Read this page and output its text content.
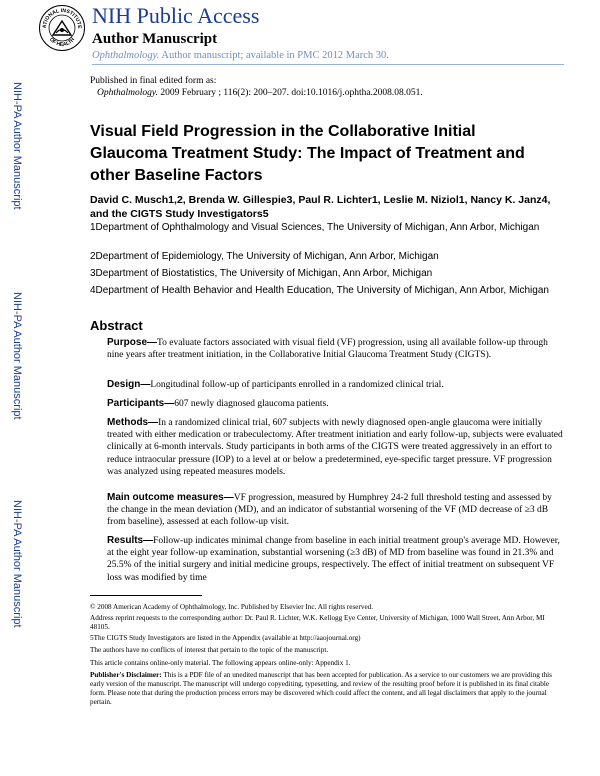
ATIONAL INSTITUTE
OF HEALTH
NIH Public Access
Author Manuscript
Ophthalmology. Author manuscript; available in PMC 2012 March 30.
NIH-PA Author Manuscript
NIH-PA Author Manuscript
NIH-PA Author Manuscript
Published in final edited form as:
Ophthalmology. 2009 February ; 116(2): 200–207. doi:10.1016/j.ophtha.2008.08.051.
Visual Field Progression in the Collaborative Initial Glaucoma Treatment Study: The Impact of Treatment and other Baseline Factors
David C. Musch1,2, Brenda W. Gillespie3, Paul R. Lichter1, Leslie M. Niziol1, Nancy K. Janz4, and the CIGTS Study Investigators5
1Department of Ophthalmology and Visual Sciences, The University of Michigan, Ann Arbor, Michigan
2Department of Epidemiology, The University of Michigan, Ann Arbor, Michigan
3Department of Biostatistics, The University of Michigan, Ann Arbor, Michigan
4Department of Health Behavior and Health Education, The University of Michigan, Ann Arbor, Michigan
Abstract
Purpose—To evaluate factors associated with visual field (VF) progression, using all available follow-up through nine years after treatment initiation, in the Collaborative Initial Glaucoma Treatment Study (CIGTS).
Design—Longitudinal follow-up of participants enrolled in a randomized clinical trial.
Participants—607 newly diagnosed glaucoma patients.
Methods—In a randomized clinical trial, 607 subjects with newly diagnosed open-angle glaucoma were initially treated with either medication or trabeculectomy. After treatment initiation and early follow-up, subjects were evaluated clinically at 6-month intervals. Study participants in both arms of the CIGTS were treated aggressively in an effort to reduce intraocular pressure (IOP) to a level at or below a predetermined, eye-specific target pressure. VF progression was analyzed using repeated measures models.
Main outcome measures—VF progression, measured by Humphrey 24-2 full threshold testing and assessed by the change in the mean deviation (MD), and an indicator of substantial worsening of the VF (MD decrease of ≥3 dB from baseline), assessed at each follow-up visit.
Results—Follow-up indicates minimal change from baseline in each initial treatment group's average MD. However, at the eight year follow-up examination, substantial worsening (≥3 dB) of MD from baseline was found in 21.3% and 25.5% of the initial surgery and initial medicine groups, respectively. The effect of initial treatment on subsequent VF loss was modified by time
© 2008 American Academy of Ophthalmology, Inc. Published by Elsevier Inc. All rights reserved.
Address reprint requests to the corresponding author: Dr. Paul R. Lichter, W.K. Kellogg Eye Center, University of Michigan, 1000 Wall Street, Ann Arbor, MI 48105.
5The CIGTS Study Investigators are listed in the Appendix (available at http://aaojournal.org)
The authors have no conflicts of interest that pertain to the topic of the manuscript.
This article contains online-only material. The following appears online-only: Appendix 1.
Publisher's Disclaimer: This is a PDF file of an unedited manuscript that has been accepted for publication. As a service to our customers we are providing this early version of the manuscript. The manuscript will undergo copyediting, typesetting, and review of the resulting proof before it is published in its final citable form. Please note that during the production process errors may be discovered which could affect the content, and all legal disclaimers that apply to the journal pertain.
